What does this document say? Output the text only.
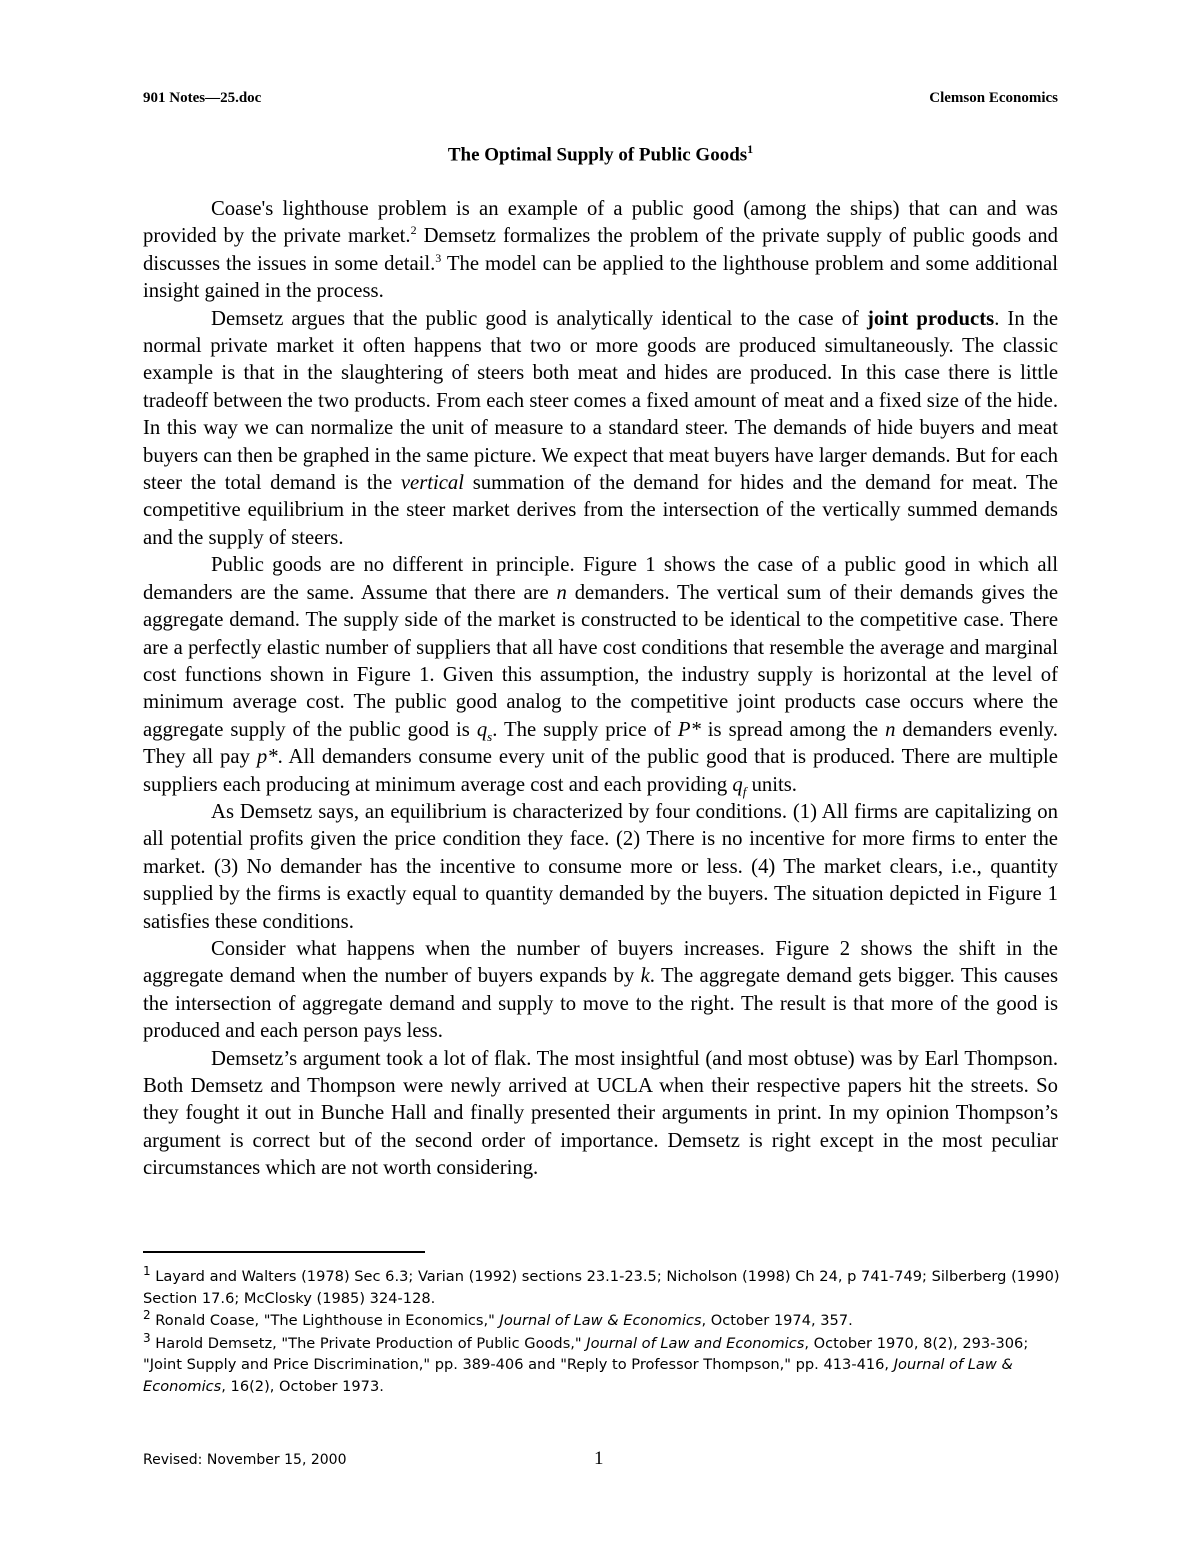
901 Notes—25.doc	Clemson Economics
The Optimal Supply of Public Goods$^1$

Coase's lighthouse problem is an example of a public good (among the ships) that can and was provided by the private market.$^2$ Demsetz formalizes the problem of the private supply of public goods and discusses the issues in some detail.$^3$ The model can be applied to the lighthouse problem and some additional insight gained in the process.

Demsetz argues that the public good is analytically identical to the case of joint products. In the normal private market it often happens that two or more goods are produced simultaneously. The classic example is that in the slaughtering of steers both meat and hides are produced. In this case there is little tradeoff between the two products. From each steer comes a fixed amount of meat and a fixed size of the hide. In this way we can normalize the unit of measure to a standard steer. The demands of hide buyers and meat buyers can then be graphed in the same picture. We expect that meat buyers have larger demands. But for each steer the total demand is the vertical summation of the demand for hides and the demand for meat. The competitive equilibrium in the steer market derives from the intersection of the vertically summed demands and the supply of steers.

Public goods are no different in principle. Figure 1 shows the case of a public good in which all demanders are the same. Assume that there are n demanders. The vertical sum of their demands gives the aggregate demand. The supply side of the market is constructed to be identical to the competitive case. There are a perfectly elastic number of suppliers that all have cost conditions that resemble the average and marginal cost functions shown in Figure 1. Given this assumption, the industry supply is horizontal at the level of minimum average cost. The public good analog to the competitive joint products case occurs where the aggregate supply of the public good is $q_s$. The supply price of P* is spread among the n demanders evenly. They all pay p*. All demanders consume every unit of the public good that is produced. There are multiple suppliers each producing at minimum average cost and each providing $q_f$ units.

As Demsetz says, an equilibrium is characterized by four conditions. (1) All firms are capitalizing on all potential profits given the price condition they face. (2) There is no incentive for more firms to enter the market. (3) No demander has the incentive to consume more or less. (4) The market clears, i.e., quantity supplied by the firms is exactly equal to quantity demanded by the buyers. The situation depicted in Figure 1 satisfies these conditions.

Consider what happens when the number of buyers increases. Figure 2 shows the shift in the aggregate demand when the number of buyers expands by k. The aggregate demand gets bigger. This causes the intersection of aggregate demand and supply to move to the right. The result is that more of the good is produced and each person pays less.

Demsetz’s argument took a lot of flak. The most insightful (and most obtuse) was by Earl Thompson. Both Demsetz and Thompson were newly arrived at UCLA when their respective papers hit the streets. So they fought it out in Bunche Hall and finally presented their arguments in print. In my opinion Thompson’s argument is correct but of the second order of importance. Demsetz is right except in the most peculiar circumstances which are not worth considering.

$^1$ Layard and Walters (1978) Sec 6.3; Varian (1992) sections 23.1-23.5; Nicholson (1998) Ch 24, p 741-749; Silberberg (1990) Section 17.6; McClosky (1985) 324-128.
$^2$ Ronald Coase, "The Lighthouse in Economics," Journal of Law & Economics, October 1974, 357.
$^3$ Harold Demsetz, "The Private Production of Public Goods," Journal of Law and Economics, October 1970, 8(2), 293-306; "Joint Supply and Price Discrimination," pp. 389-406 and "Reply to Professor Thompson," pp. 413-416, Journal of Law & Economics, 16(2), October 1973.
Revised: November 15, 2000	1
